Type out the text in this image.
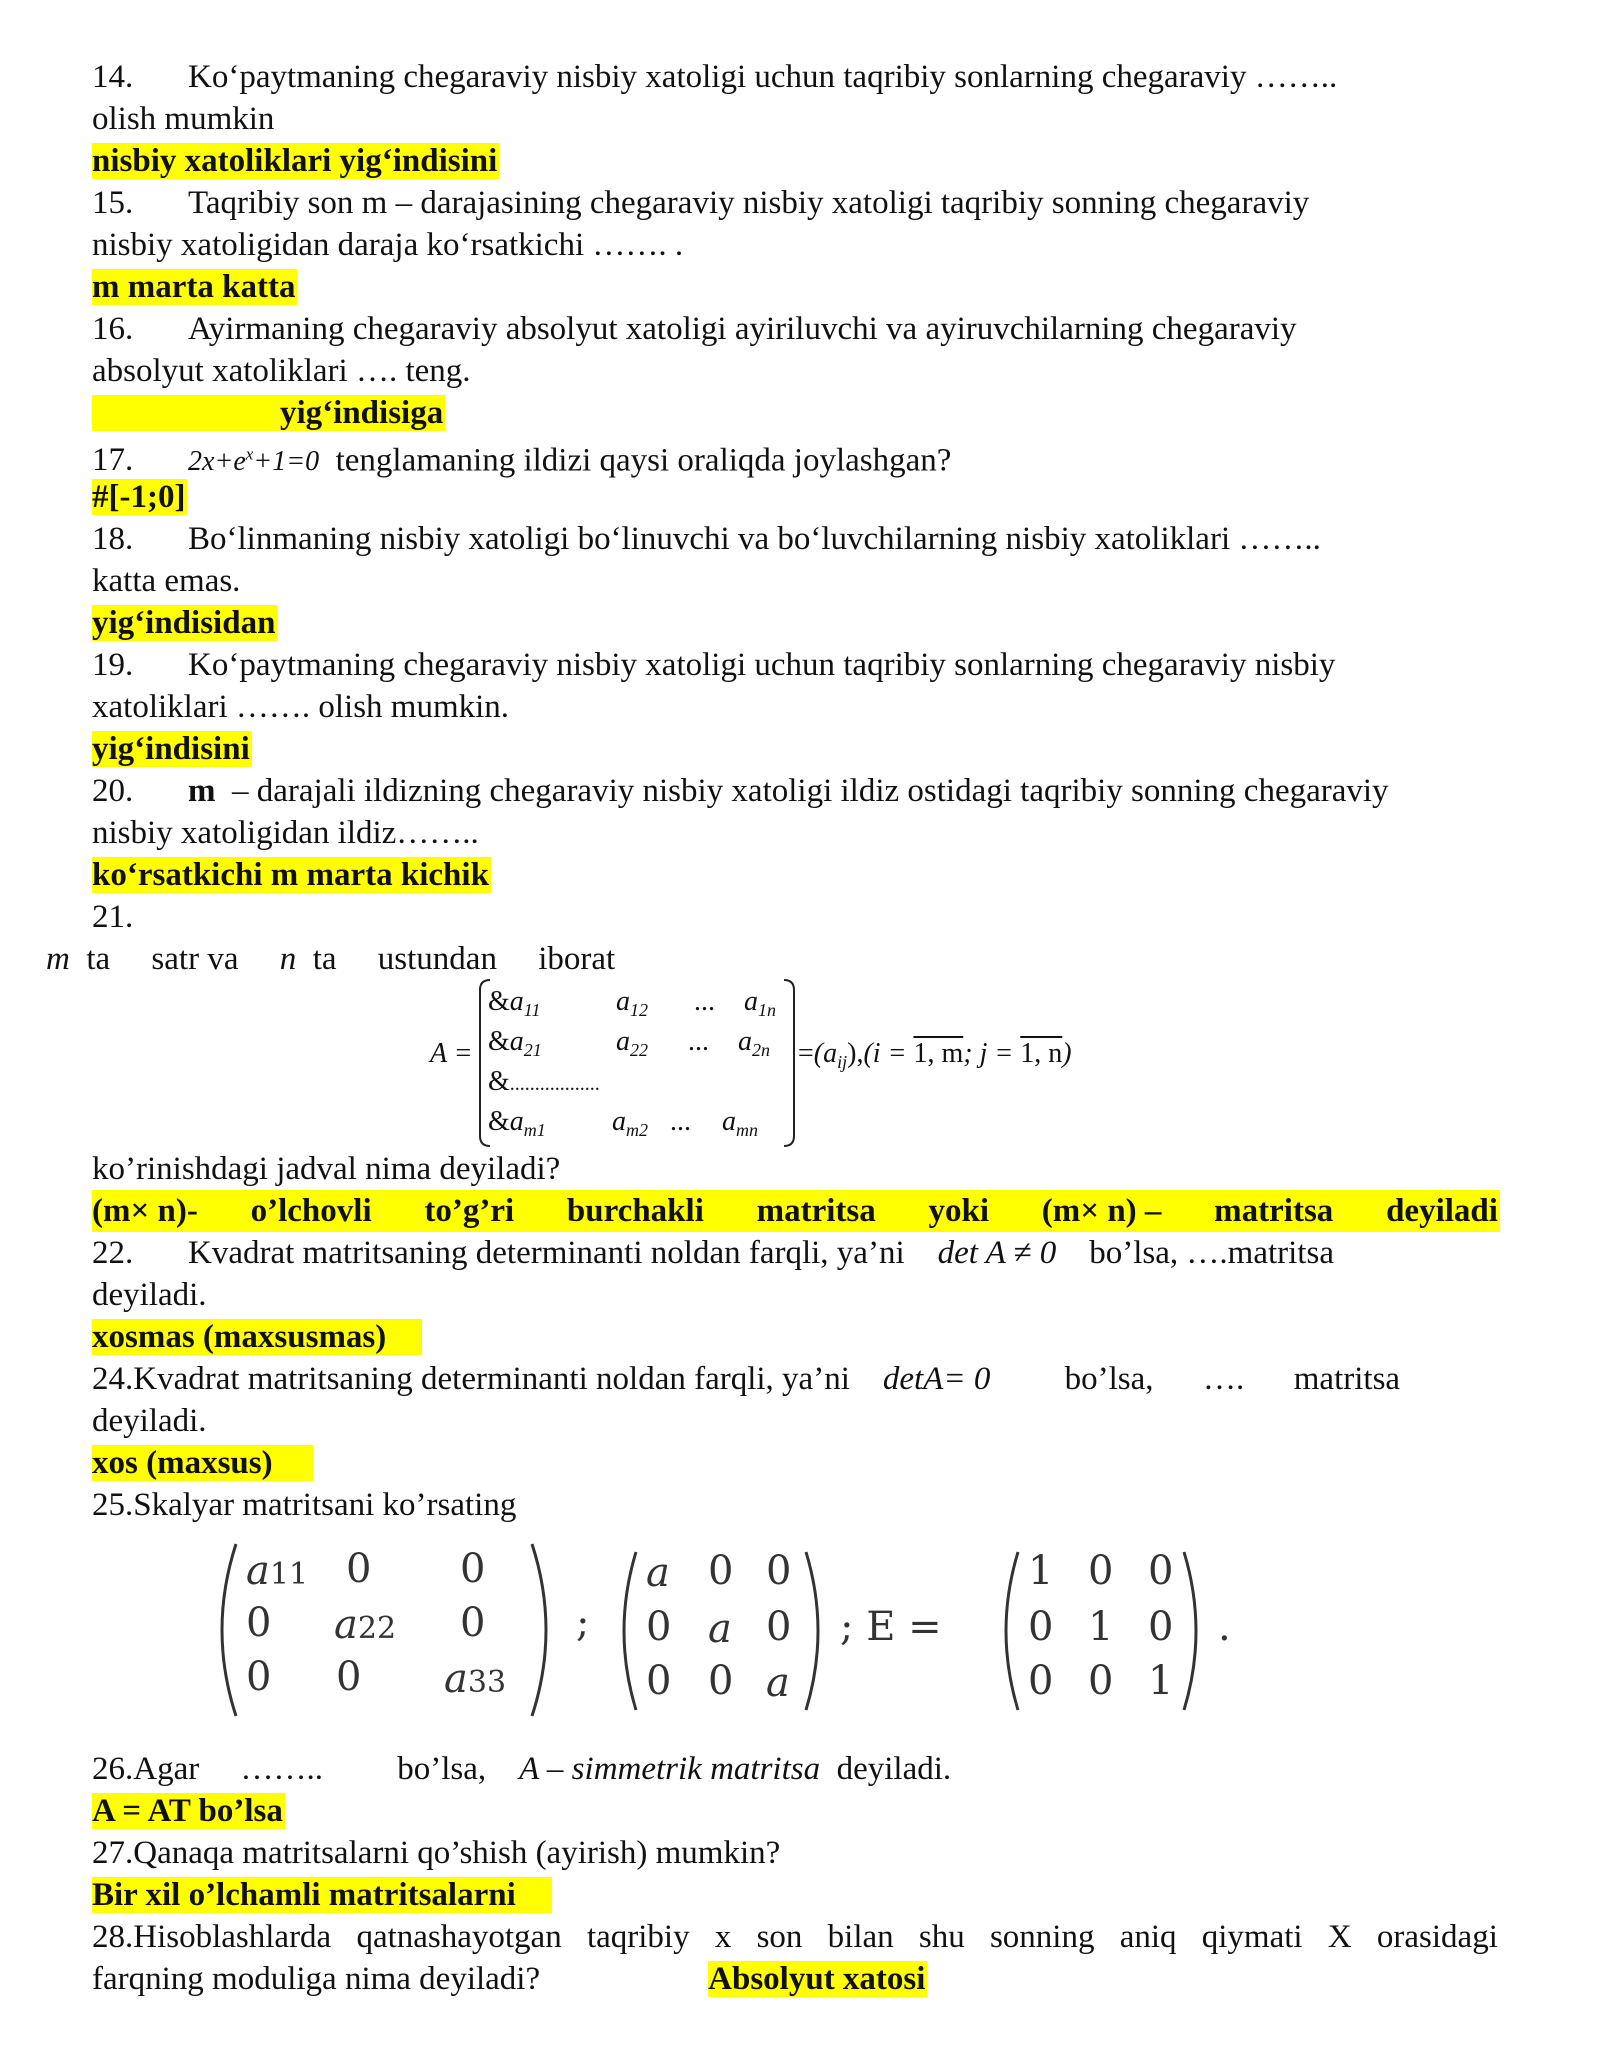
14. Ko‘paytmaning chegaraviy nisbiy xatoligi uchun taqribiy sonlarning chegaraviy ……..
olish mumkin
nisbiy xatoliklari yig‘indisini
15. Taqribiy son m – darajasining chegaraviy nisbiy xatoligi taqribiy sonning chegaraviy
nisbiy xatoligidan daraja ko‘rsatkichi ……. .
m marta katta
16. Ayirmaning chegaraviy absolyut xatoligi ayiriluvchi va ayiruvchilarning chegaraviy
absolyut xatoliklari …. teng.
yig‘indisiga
17. $2x+e^x+1=0$ tenglamaning ildizi qaysi oraliqda joylashgan?
#[-1;0]
18. Bo‘linmaning nisbiy xatoligi bo‘linuvchi va bo‘luvchilarning nisbiy xatoliklari ……..
katta emas.
yig‘indisidan
19. Ko‘paytmaning chegaraviy nisbiy xatoligi uchun taqribiy sonlarning chegaraviy nisbiy
xatoliklari ……. olish mumkin.
yig‘indisini
20. m – darajali ildizning chegaraviy nisbiy xatoligi ildiz ostidagi taqribiy sonning chegaraviy
nisbiy xatoligidan ildiz……..
ko‘rsatkichi m marta kichik
21.
m ta satr va n ta ustundan iborat
A =
$\&a_{11}$	$a_{12}$ ... $a_{1n}$
$\&a_{21}$	$a_{22}$ ... $a_{2n}$
&..................
$\&a_{m1}$ $a_{m2}$ ... $a_{mn}$
$=(a_{ij}),(i = 1$, m; j = 1, n)
ko’rinishdagi jadval nima deyiladi?
(m× n)- o’lchovli to’g’ri burchakli matritsa yoki (m× n) – matritsa deyiladi
22. Kvadrat matritsaning determinanti noldan farqli, ya’ni det A ≠ 0 bo’lsa, ….matritsa
deyiladi.
xosmas (maxsusmas)
24.Kvadrat matritsaning determinanti noldan farqli, ya’ni detA= 0 bo’lsa, …. matritsa
deyiladi.
xos (maxsus)
25.Skalyar matritsani ko’rsating
a11 0 0
0 a22 0
0 0 a33
;
a 0 0
0 a 0
0 0 a
; E =
1 0 0
0 1 0
0 0 1
.
26.Agar …….. bo’lsa, A – simmetrik matritsa deyiladi.
A = AT bo’lsa
27.Qanaqa matritsalarni qo’shish (ayirish) mumkin?
Bir xil o’lchamli matritsalarni
28.Hisoblashlarda qatnashayotgan taqribiy x son bilan shu sonning aniq qiymati X orasidagi
farqning moduliga nima deyiladi?	Absolyut xatosi
